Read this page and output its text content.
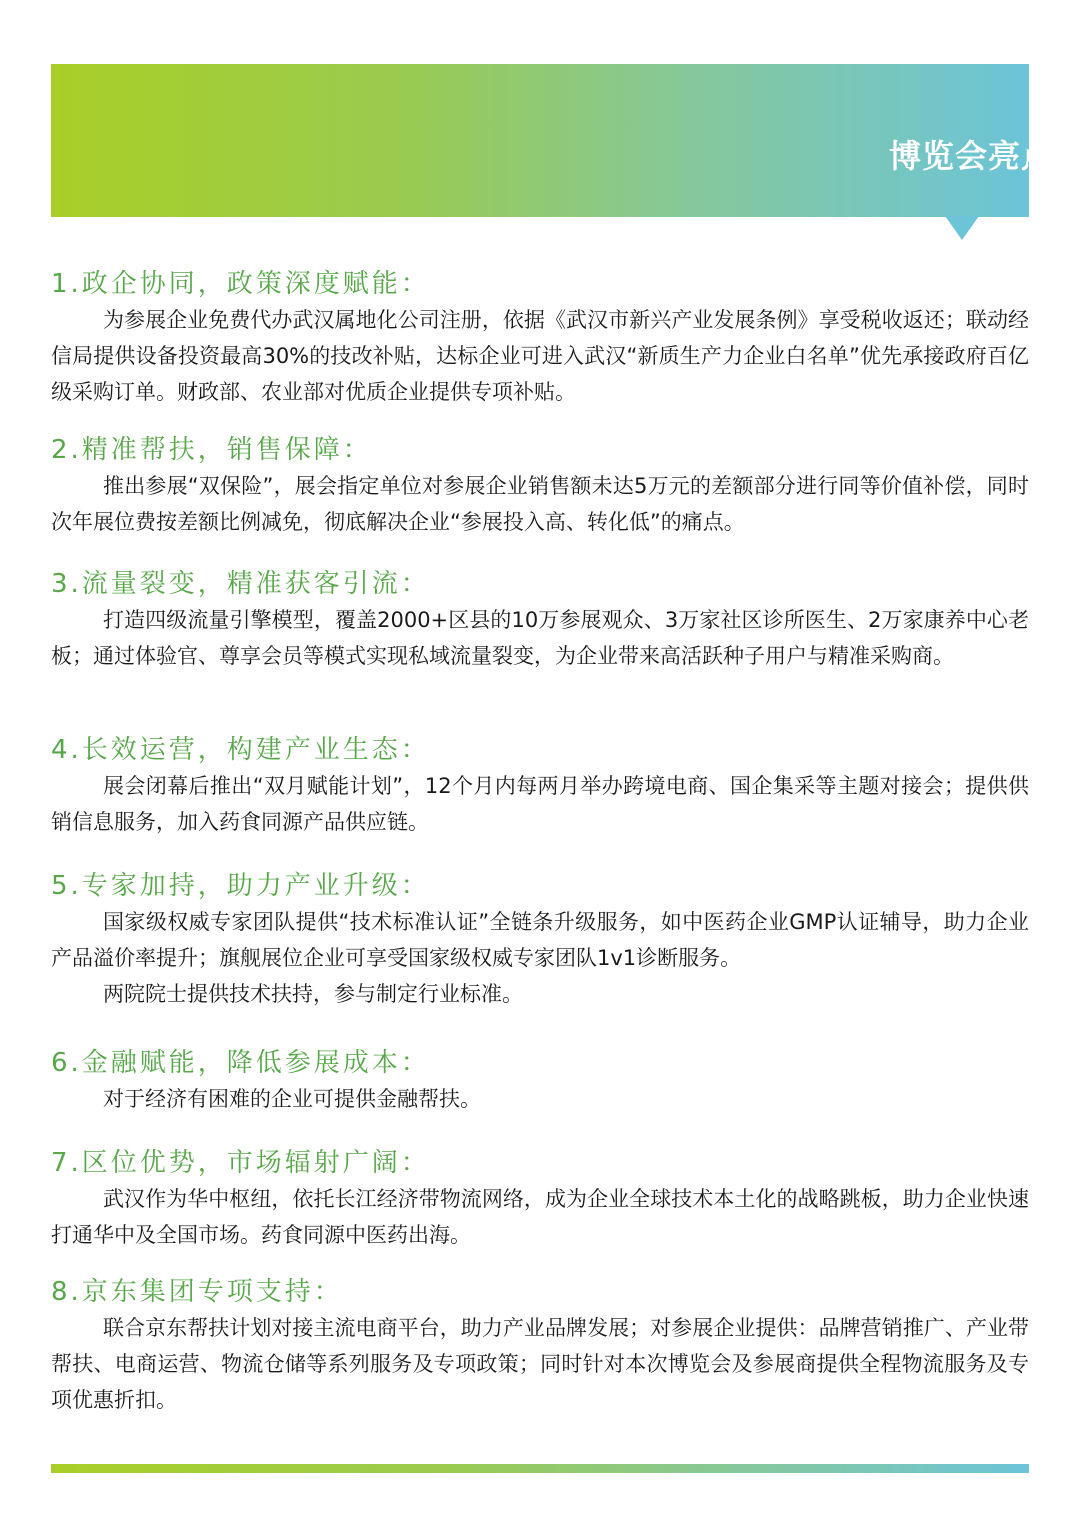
博览会亮点
1.政企协同，政策深度赋能：

为参展企业免费代办武汉属地化公司注册，依据《武汉市新兴产业发展条例》享受税收返还；联动经信局提供设备投资最高30%的技改补贴，达标企业可进入武汉“新质生产力企业白名单”优先承接政府百亿级采购订单。财政部、农业部对优质企业提供专项补贴。

2.精准帮扶，销售保障：

推出参展“双保险”，展会指定单位对参展企业销售额未达5万元的差额部分进行同等价值补偿，同时次年展位费按差额比例减免，彻底解决企业“参展投入高、转化低”的痛点。

3.流量裂变，精准获客引流：

打造四级流量引擎模型，覆盖2000+区县的10万参展观众、3万家社区诊所医生、2万家康养中心老板；通过体验官、尊享会员等模式实现私域流量裂变，为企业带来高活跃种子用户与精准采购商。

4.长效运营，构建产业生态：

展会闭幕后推出“双月赋能计划”，12个月内每两月举办跨境电商、国企集采等主题对接会；提供供销信息服务，加入药食同源产品供应链。

5.专家加持，助力产业升级：

国家级权威专家团队提供“技术标准认证”全链条升级服务，如中医药企业GMP认证辅导，助力企业产品溢价率提升；旗舰展位企业可享受国家级权威专家团队1v1诊断服务。

两院院士提供技术扶持，参与制定行业标准。

6.金融赋能，降低参展成本：

对于经济有困难的企业可提供金融帮扶。

7.区位优势，市场辐射广阔：

武汉作为华中枢纽，依托长江经济带物流网络，成为企业全球技术本土化的战略跳板，助力企业快速打通华中及全国市场。药食同源中医药出海。

8.京东集团专项支持：

联合京东帮扶计划对接主流电商平台，助力产业品牌发展；对参展企业提供：品牌营销推广、产业带帮扶、电商运营、物流仓储等系列服务及专项政策；同时针对本次博览会及参展商提供全程物流服务及专项优惠折扣。
